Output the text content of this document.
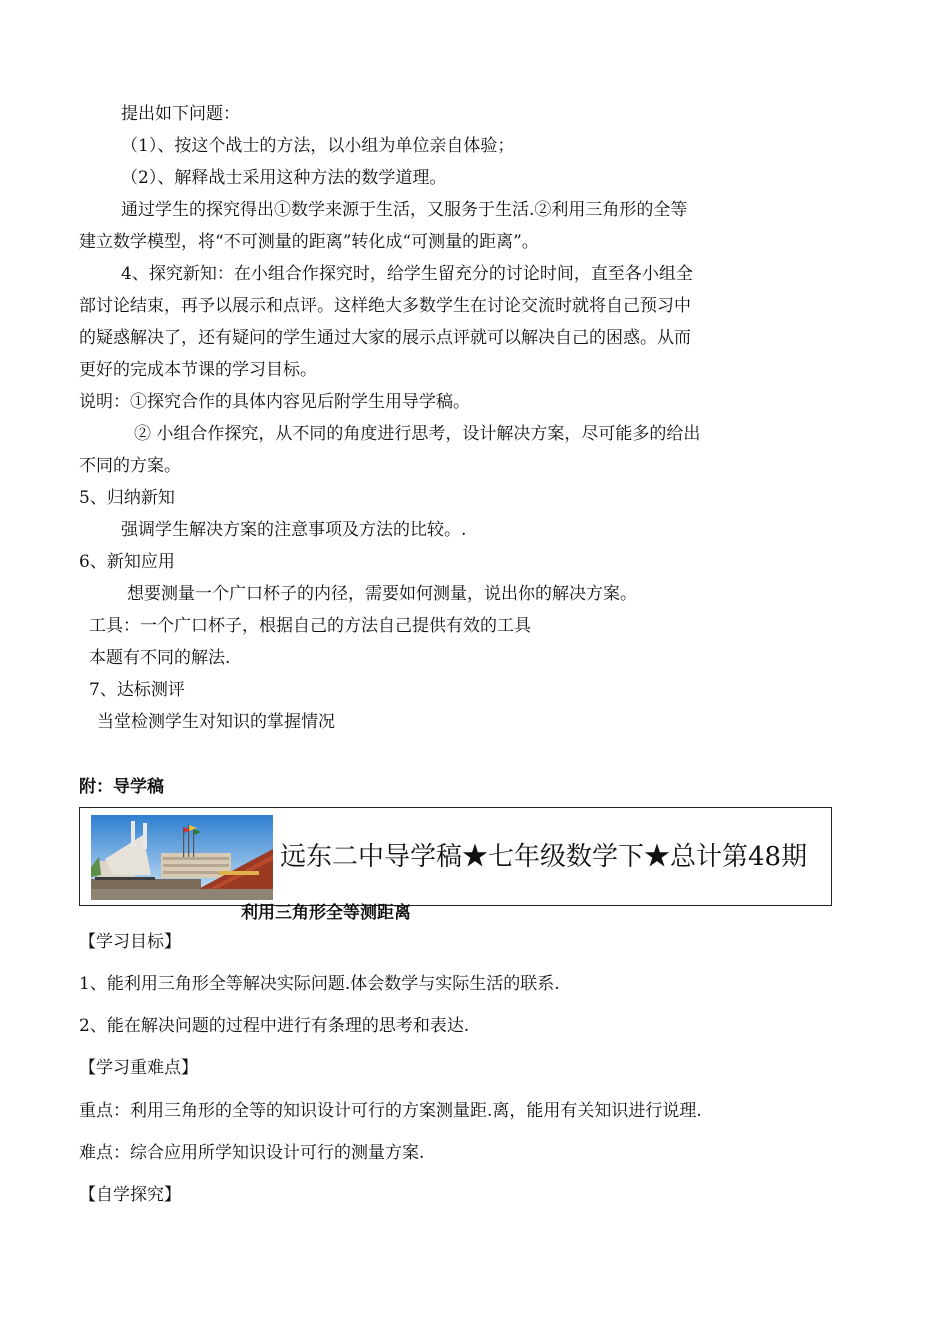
提出如下问题：
（1）、按这个战士的方法，以小组为单位亲自体验；
（2）、解释战士采用这种方法的数学道理。
通过学生的探究得出①数学来源于生活，又服务于生活.②利用三角形的全等
建立数学模型，将“不可测量的距离”转化成“可测量的距离”。
4、探究新知：在小组合作探究时，给学生留充分的讨论时间，直至各小组全
部讨论结束，再予以展示和点评。这样绝大多数学生在讨论交流时就将自己预习中
的疑惑解决了，还有疑问的学生通过大家的展示点评就可以解决自己的困惑。从而
更好的完成本节课的学习目标。
说明：①探究合作的具体内容见后附学生用导学稿。
② 小组合作探究，从不同的角度进行思考，设计解决方案，尽可能多的给出
不同的方案。
5、归纳新知
强调学生解决方案的注意事项及方法的比较。.
6、新知应用
想要测量一个广口杯子的内径，需要如何测量，说出你的解决方案。
工具：一个广口杯子，根据自己的方法自己提供有效的工具
本题有不同的解法.
7、达标测评
当堂检测学生对知识的掌握情况
附：导学稿
远东二中导学稿★七年级数学下★总计第48期
利用三角形全等测距离
【学习目标】
1、能利用三角形全等解决实际问题.体会数学与实际生活的联系.
2、能在解决问题的过程中进行有条理的思考和表达.
【学习重难点】
重点：利用三角形的全等的知识设计可行的方案测量距.离，能用有关知识进行说理.
难点：综合应用所学知识设计可行的测量方案.
【自学探究】
